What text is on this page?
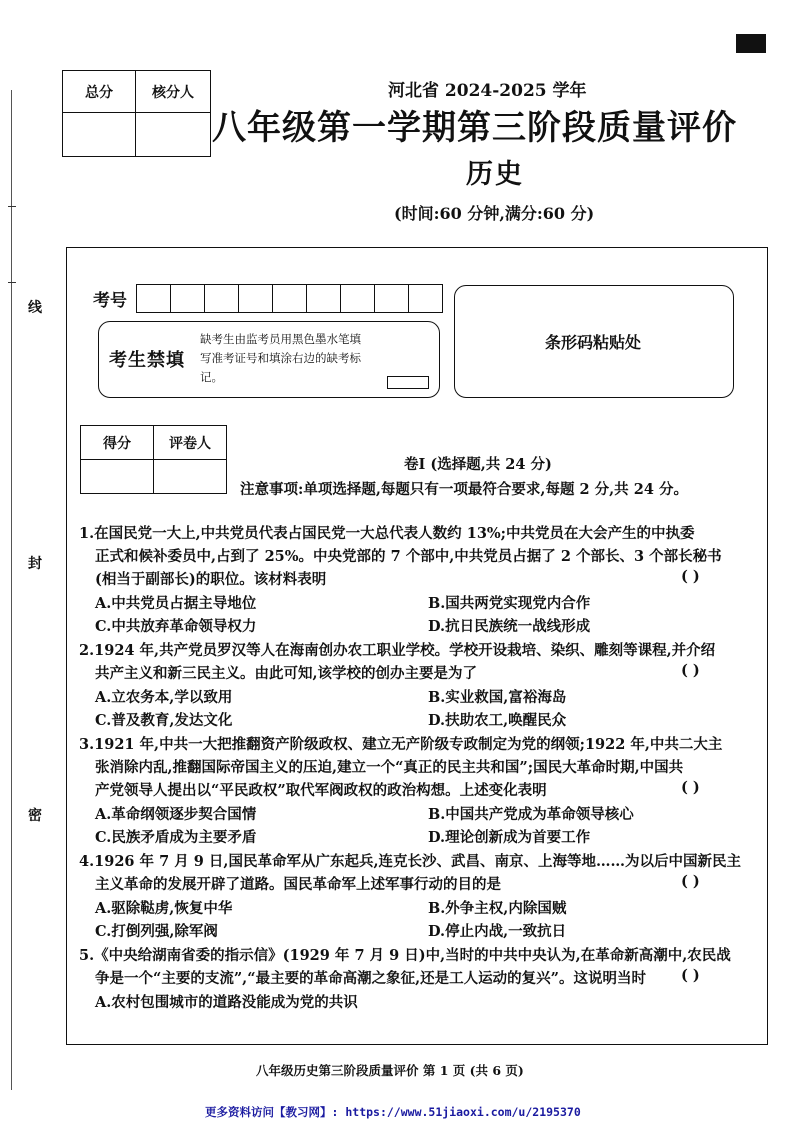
线
封
密
总分	核分人
		河北省 2024-2025 学年
八年级第一学期第三阶段质量评价
历史
(时间:60 分钟,满分:60 分)
考号
考生禁填
缺考生由监考员用黑色墨水笔填写准考证号和填涂右边的缺考标记。
条形码粘贴处
得分	评卷人

卷Ⅰ (选择题,共 24 分)
注意事项:单项选择题,每题只有一项最符合要求,每题 2 分,共 24 分。
1.在国民党一大上,中共党员代表占国民党一大总代表人数约 13%;中共党员在大会产生的中执委
正式和候补委员中,占到了 25%。中央党部的 7 个部中,中共党员占据了 2 个部长、3 个部长秘书
(相当于副部长)的职位。该材料表明	( )
A.中共党员占据主导地位	B.国共两党实现党内合作
C.中共放弃革命领导权力	D.抗日民族统一战线形成
2.1924 年,共产党员罗汉等人在海南创办农工职业学校。学校开设栽培、染织、雕刻等课程,并介绍
共产主义和新三民主义。由此可知,该学校的创办主要是为了	( )
A.立农务本,学以致用	B.实业救国,富裕海岛
C.普及教育,发达文化	D.扶助农工,唤醒民众
3.1921 年,中共一大把推翻资产阶级政权、建立无产阶级专政制定为党的纲领;1922 年,中共二大主
张消除内乱,推翻国际帝国主义的压迫,建立一个“真正的民主共和国”;国民大革命时期,中国共
产党领导人提出以“平民政权”取代军阀政权的政治构想。上述变化表明	( )
A.革命纲领逐步契合国情	B.中国共产党成为革命领导核心
C.民族矛盾成为主要矛盾	D.理论创新成为首要工作
4.1926 年 7 月 9 日,国民革命军从广东起兵,连克长沙、武昌、南京、上海等地……为以后中国新民主
主义革命的发展开辟了道路。国民革命军上述军事行动的目的是	( )
A.驱除鞑虏,恢复中华	B.外争主权,内除国贼
C.打倒列强,除军阀	D.停止内战,一致抗日
5.《中央给湖南省委的指示信》(1929 年 7 月 9 日)中,当时的中共中央认为,在革命新高潮中,农民战
争是一个“主要的支流”,“最主要的革命高潮之象征,还是工人运动的复兴”。这说明当时 ( )
A.农村包围城市的道路没能成为党的共识
八年级历史第三阶段质量评价 第 1 页 (共 6 页)
更多资料访问【教习网】: https://www.51jiaoxi.com/u/2195370
